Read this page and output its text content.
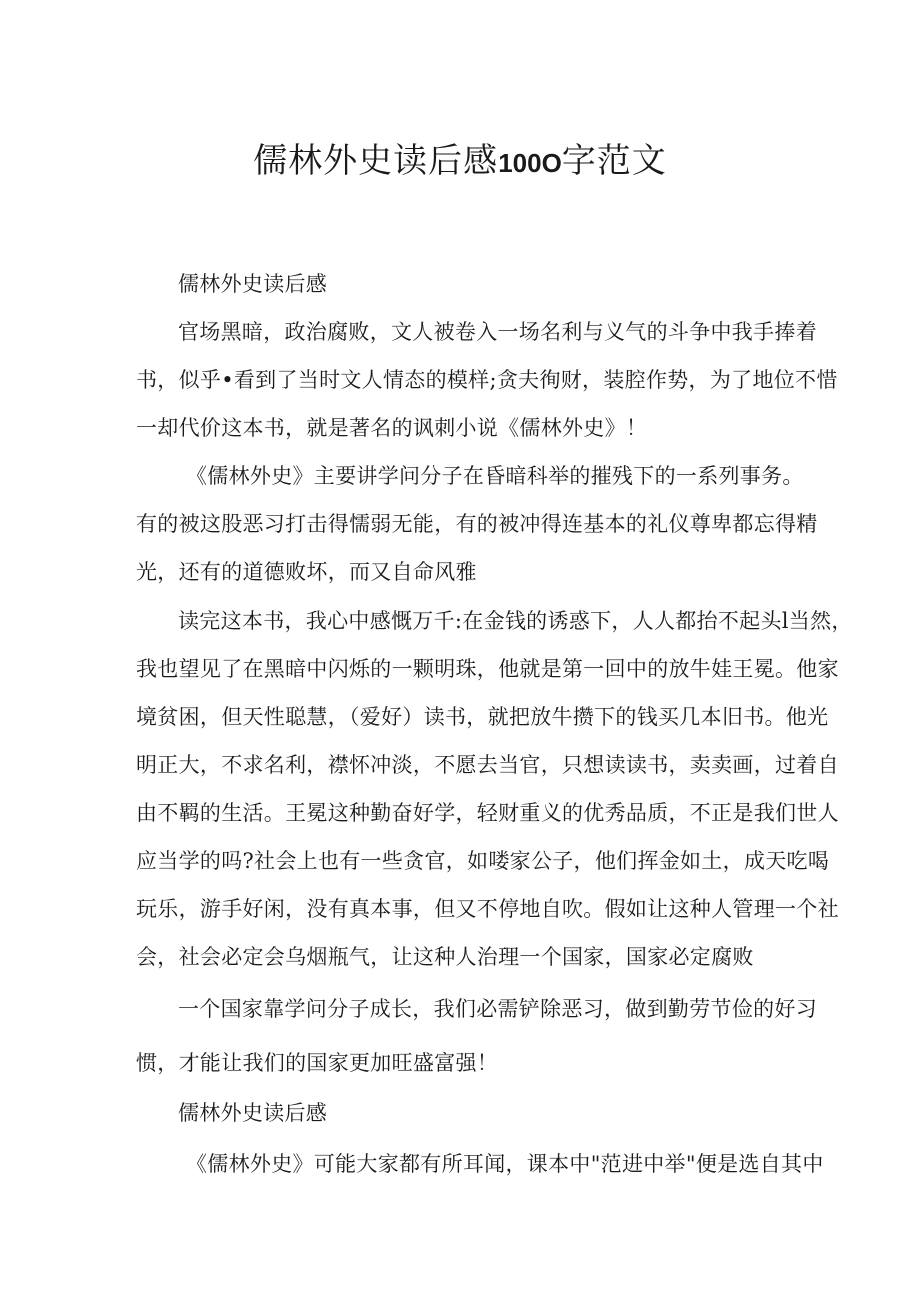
儒林外史读后感100O字范文
儒林外史读后感
官场黑暗，政治腐败，文人被卷入一场名利与义气的斗争中我手捧着
书，似乎•看到了当时文人情态的模样;贪夫徇财，装腔作势，为了地位不惜
一却代价这本书，就是著名的讽刺小说《儒林外史》！
《儒林外史》主要讲学问分子在昏暗科举的摧残下的一系列事务。
有的被这股恶习打击得懦弱无能，有的被冲得连基本的礼仪尊卑都忘得精
光，还有的道德败坏，而又自命风雅
读完这本书，我心中感慨万千:在金钱的诱惑下，人人都抬不起头l当然，
我也望见了在黑暗中闪烁的一颗明珠，他就是第一回中的放牛娃王冕。他家
境贫困，但天性聪慧，（爱好）读书，就把放牛攒下的钱买几本旧书。他光
明正大，不求名利，襟怀冲淡，不愿去当官，只想读读书，卖卖画，过着自
由不羁的生活。王冕这种勤奋好学，轻财重义的优秀品质，不正是我们世人
应当学的吗?社会上也有一些贪官，如喽家公子，他们挥金如土，成天吃喝
玩乐，游手好闲，没有真本事，但又不停地自吹。假如让这种人管理一个社
会，社会必定会乌烟瓶气，让这种人治理一个国家，国家必定腐败
一个国家靠学问分子成长，我们必需铲除恶习，做到勤劳节俭的好习
惯，才能让我们的国家更加旺盛富强！
儒林外史读后感
《儒林外史》可能大家都有所耳闻，课本中"范进中举"便是选自其中
